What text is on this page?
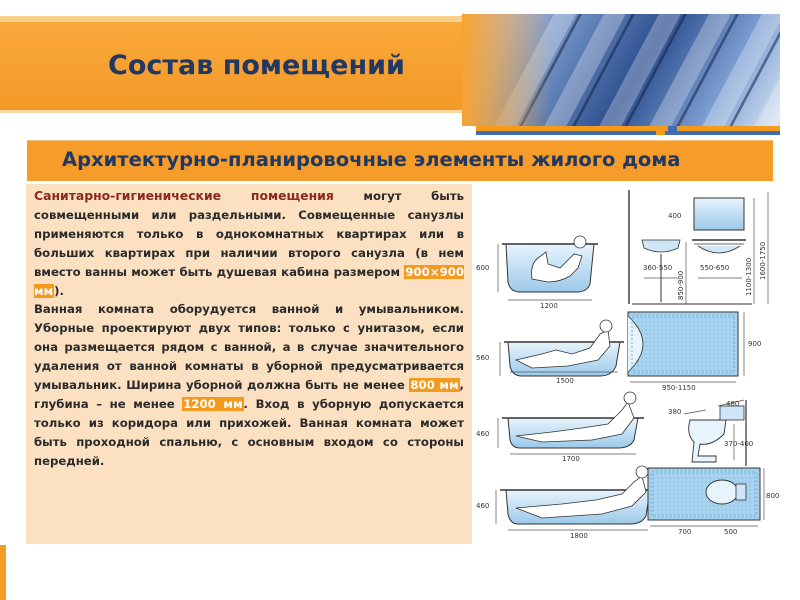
Состав помещений
Архитектурно-планировочные элементы жилого дома

Санитарно-гигиенические помещения могут быть совмещенными или раздельными. Совмещенные санузлы применяются только в однокомнатных квартирах или в больших квартирах при наличии второго санузла (в нем вместо ванны может быть душевая кабина размером 900×900 мм).
Ванная комната оборудуется ванной и умывальником. Уборные проектируют двух типов: только с унитазом, если она размещается рядом с ванной, а в случае значительного удаления от ванной комнаты в уборной предусматривается умывальник. Ширина уборной должна быть не менее 800 мм, глубина – не менее 1200 мм. Вход в уборную допускается только из коридора или прихожей. Ванная комната может быть проходной спальню, с основным входом со стороны передней.

600
1200
560
1500
460
1700
460
1800
400
360-550	550-650
850-900	1100-1300 1600-1750
950-1150
900
380
480
370-400
700	500
800
